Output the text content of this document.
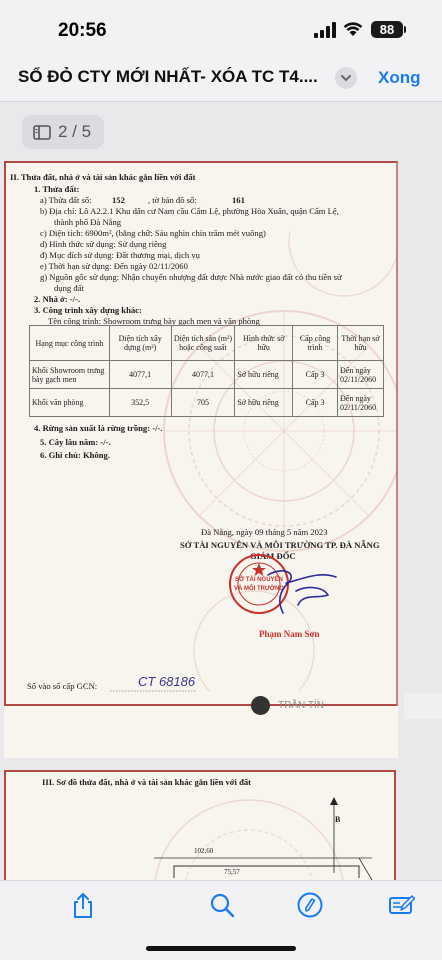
20:56	88
SỔ ĐỎ CTY MỚI NHẤT- XÓA TC T4....	Xong
2 / 5
II. Thửa đất, nhà ở và tài sản khác gắn liền với đất
1. Thửa đất:
a) Thửa đất số: 152	, tờ bản đồ số:	161
b) Địa chỉ: Lô A2.2.1 Khu dân cư Nam cầu Cẩm Lệ, phường Hòa Xuân, quận Cẩm Lệ,
thành phố Đà Nẵng
c) Diện tích: 6900m², (bằng chữ: Sáu nghìn chín trăm mét vuông)
d) Hình thức sử dụng: Sử dụng riêng
đ) Mục đích sử dụng: Đất thương mại, dịch vụ
e) Thời hạn sử dụng: Đến ngày 02/11/2060
g) Nguồn gốc sử dụng: Nhận chuyển nhượng đất được Nhà nước giao đất có thu tiền sử
dụng đất
2. Nhà ở: -/-.
3. Công trình xây dựng khác:
Tên công trình: Showroom trưng bày gạch men và văn phòng
Hạng mục công trình	Diện tích xây dựng (m²)	Diện tích sàn (m²) hoặc công suất	Hình thức sở hữu	Cấp công trình	Thời hạn sở hữu
Khối Showroom trưng bày gạch men	4077,1	4077,1	Sở hữu riêng	Cấp 3	Đến ngày 02/11/2060
Khối văn phòng	352,5	705	Sở hữu riêng	Cấp 3	Đến ngày 02/11/2060
4. Rừng sản xuất là rừng trồng: -/-.
5. Cây lâu năm: -/-.
6. Ghi chú: Không.
Đà Nẵng, ngày 09 tháng 5 năm 2023
SỞ TÀI NGUYÊN VÀ MÔI TRƯỜNG TP. ĐÀ NẴNG
GIÁM ĐỐC
Phạm Nam Sơn
Số vào sổ cấp GCN:	CT 68186
SỞ TÀI NGUYÊN
VÀ MÔI TRƯỜNG
TRẦN TÍN
III. Sơ đồ thửa đất, nhà ở và tài sản khác gắn liền với đất
B
102,60
75,57
